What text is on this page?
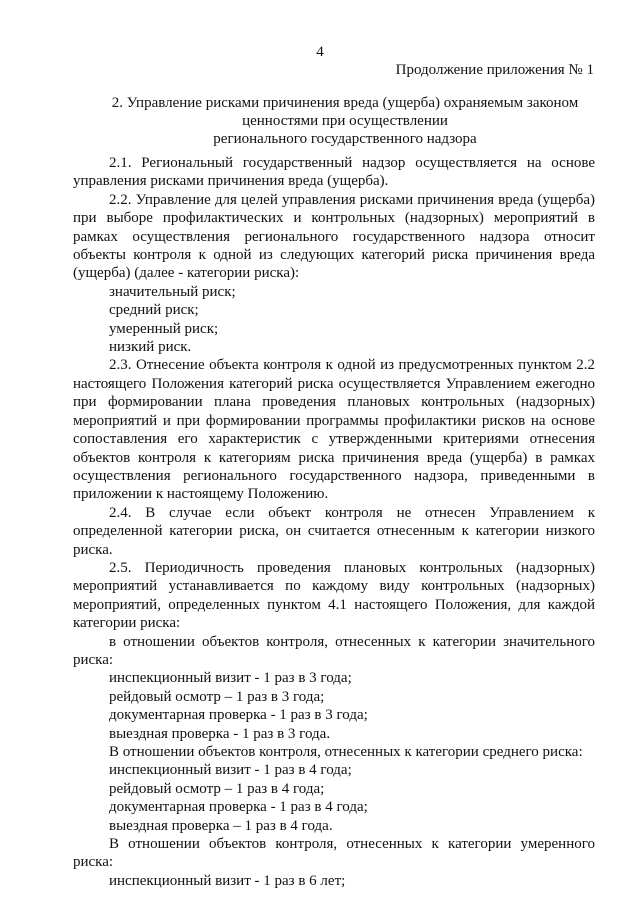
4
Продолжение приложения № 1
2. Управление рисками причинения вреда (ущерба) охраняемым законом
ценностями при осуществлении
регионального государственного надзора

2.1. Региональный государственный надзор осуществляется на основе управления рисками причинения вреда (ущерба).

2.2. Управление для целей управления рисками причинения вреда (ущерба) при выборе профилактических и контрольных (надзорных) мероприятий в рамках осуществления регионального государственного надзора относит объекты контроля к одной из следующих категорий риска причинения вреда (ущерба) (далее - категории риска):

значительный риск;

средний риск;

умеренный риск;

низкий риск.

2.3. Отнесение объекта контроля к одной из предусмотренных пунктом 2.2 настоящего Положения категорий риска осуществляется Управлением ежегодно при формировании плана проведения плановых контрольных (надзорных) мероприятий и при формировании программы профилактики рисков на основе сопоставления его характеристик с утвержденными критериями отнесения объектов контроля к категориям риска причинения вреда (ущерба) в рамках осуществления регионального государственного надзора, приведенными в приложении к настоящему Положению.

2.4. В случае если объект контроля не отнесен Управлением к определенной категории риска, он считается отнесенным к категории низкого риска.

2.5. Периодичность проведения плановых контрольных (надзорных) мероприятий устанавливается по каждому виду контрольных (надзорных) мероприятий, определенных пунктом 4.1 настоящего Положения, для каждой категории риска:

в отношении объектов контроля, отнесенных к категории значительного риска:

инспекционный визит - 1 раз в 3 года;

рейдовый осмотр – 1 раз в 3 года;

документарная проверка - 1 раз в 3 года;

выездная проверка - 1 раз в 3 года.

В отношении объектов контроля, отнесенных к категории среднего риска:

инспекционный визит - 1 раз в 4 года;

рейдовый осмотр – 1 раз в 4 года;

документарная проверка - 1 раз в 4 года;

выездная проверка – 1 раз в 4 года.

В отношении объектов контроля, отнесенных к категории умеренного риска:

инспекционный визит - 1 раз в 6 лет;
